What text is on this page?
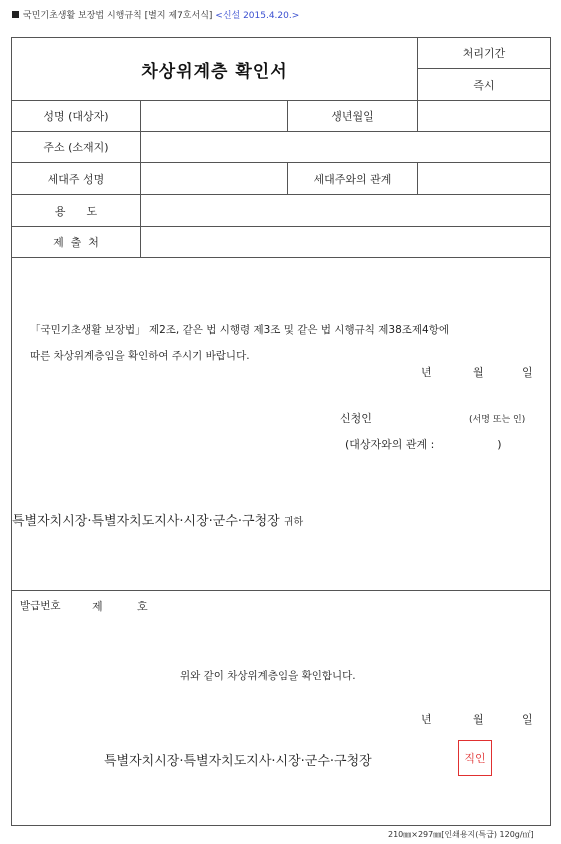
국민기초생활 보장법 시행규칙 [별지 제7호서식] <신설 2015.4.20.>
차상위계층 확인서
처리기간
즉시
성명 (대상자)	생년월일
주소 (소재지)
세대주 성명	세대주와의 관계
용      도
제  출  처
「국민기초생활 보장법」 제2조, 같은 법 시행령 제3조 및 같은 법 시행규칙 제38조제4항에
따른 차상위계층임을 확인하여 주시기 바랍니다.
년	월	일
신청인	(서명 또는 인)
(대상자와의 관계 :                  )
특별자치시장·특별자치도지사·시장·군수·구청장 귀하
발급번호	제	호
위와 같이 차상위계층임을 확인합니다.
년	월	일
특별자치시장·특별자치도지사·시장·군수·구청장	직인
210㎜×297㎜[인쇄용지(특급) 120g/㎡]
